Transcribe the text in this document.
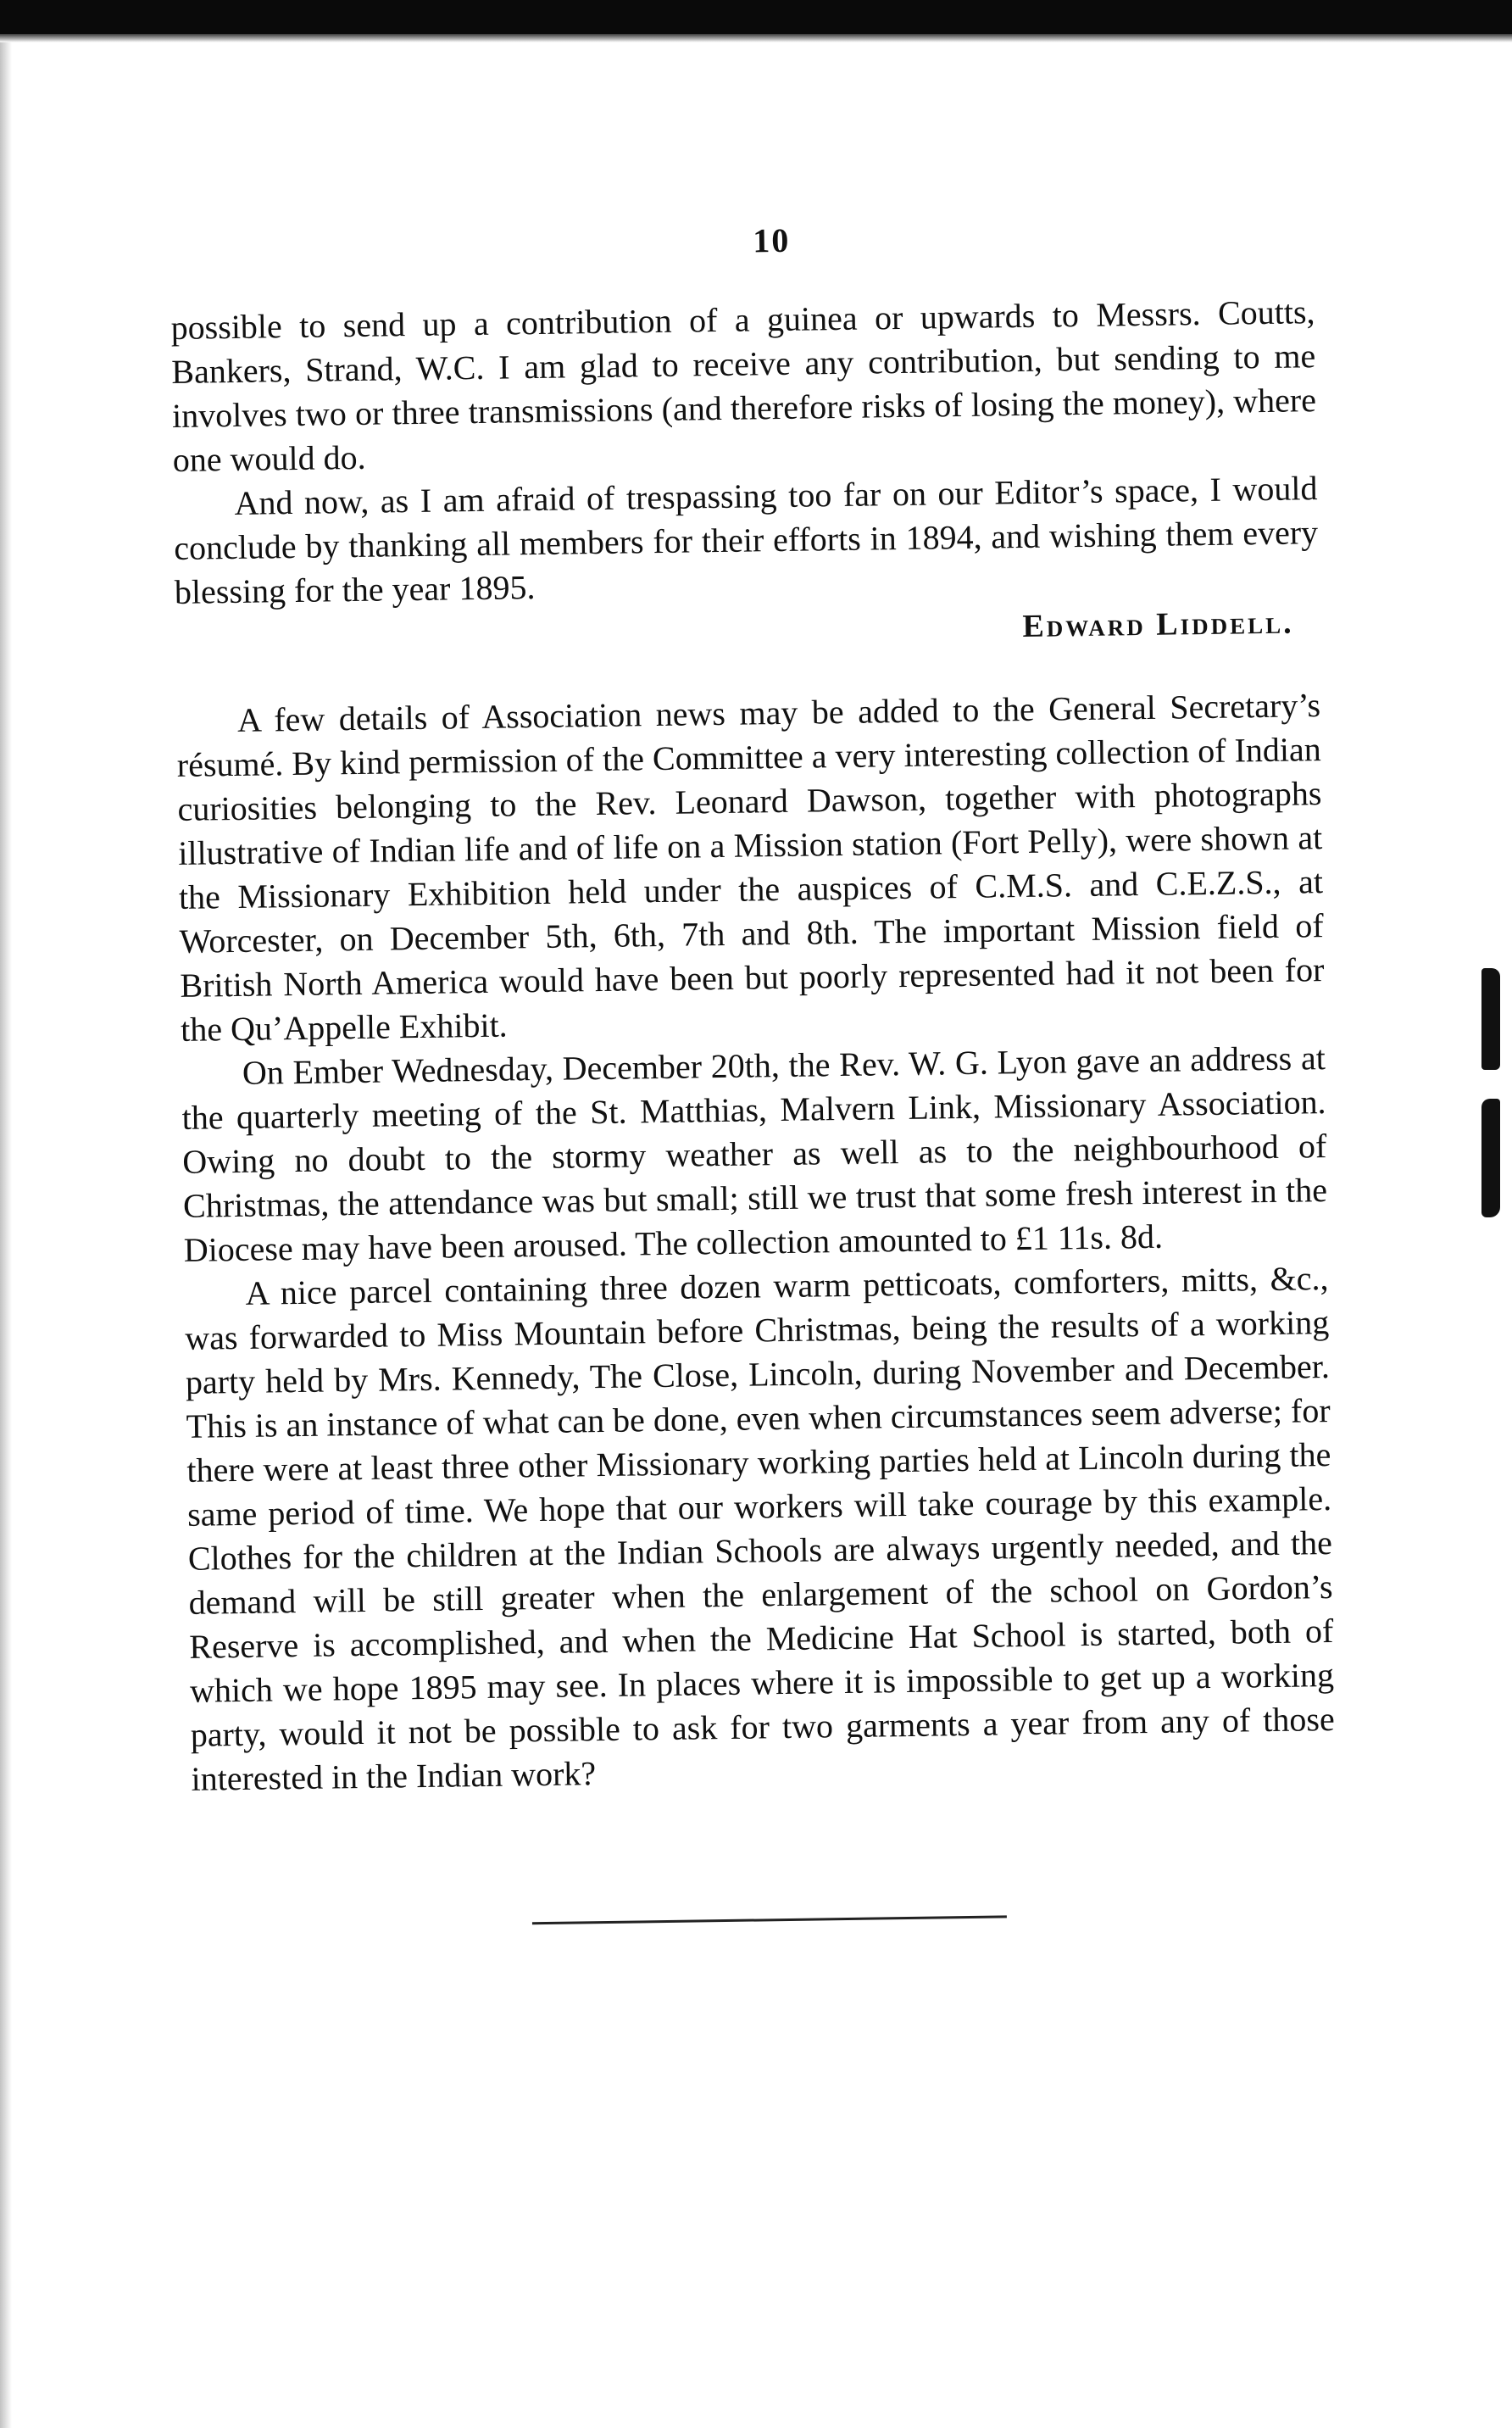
10

possible to send up a contribution of a guinea or upwards to Messrs. Coutts, Bankers, Strand, W.C. I am glad to receive any contribution, but sending to me involves two or three transmissions (and therefore risks of losing the money), where one would do.

And now, as I am afraid of trespassing too far on our Editor’s space, I would conclude by thanking all members for their efforts in 1894, and wishing them every blessing for the year 1895.

Edward Liddell.

A few details of Association news may be added to the General Secretary’s résumé. By kind permission of the Committee a very interesting collection of Indian curiosities belonging to the Rev. Leonard Dawson, together with photographs illustrative of Indian life and of life on a Mission station (Fort Pelly), were shown at the Missionary Exhibition held under the auspices of C.M.S. and C.E.Z.S., at Worcester, on December 5th, 6th, 7th and 8th. The important Mission field of British North America would have been but poorly represented had it not been for the Qu’Appelle Exhibit.

On Ember Wednesday, December 20th, the Rev. W. G. Lyon gave an address at the quarterly meeting of the St. Matthias, Malvern Link, Missionary Association. Owing no doubt to the stormy weather as well as to the neighbourhood of Christmas, the attendance was but small; still we trust that some fresh interest in the Diocese may have been aroused. The collection amounted to £1 11s. 8d.

A nice parcel containing three dozen warm petticoats, comforters, mitts, &c., was forwarded to Miss Mountain before Christmas, being the results of a working party held by Mrs. Kennedy, The Close, Lincoln, during November and December. This is an instance of what can be done, even when circumstances seem adverse; for there were at least three other Missionary working parties held at Lincoln during the same period of time. We hope that our workers will take courage by this example. Clothes for the children at the Indian Schools are always urgently needed, and the demand will be still greater when the enlargement of the school on Gordon’s Reserve is accomplished, and when the Medicine Hat School is started, both of which we hope 1895 may see. In places where it is impossible to get up a working party, would it not be possible to ask for two garments a year from any of those interested in the Indian work?
